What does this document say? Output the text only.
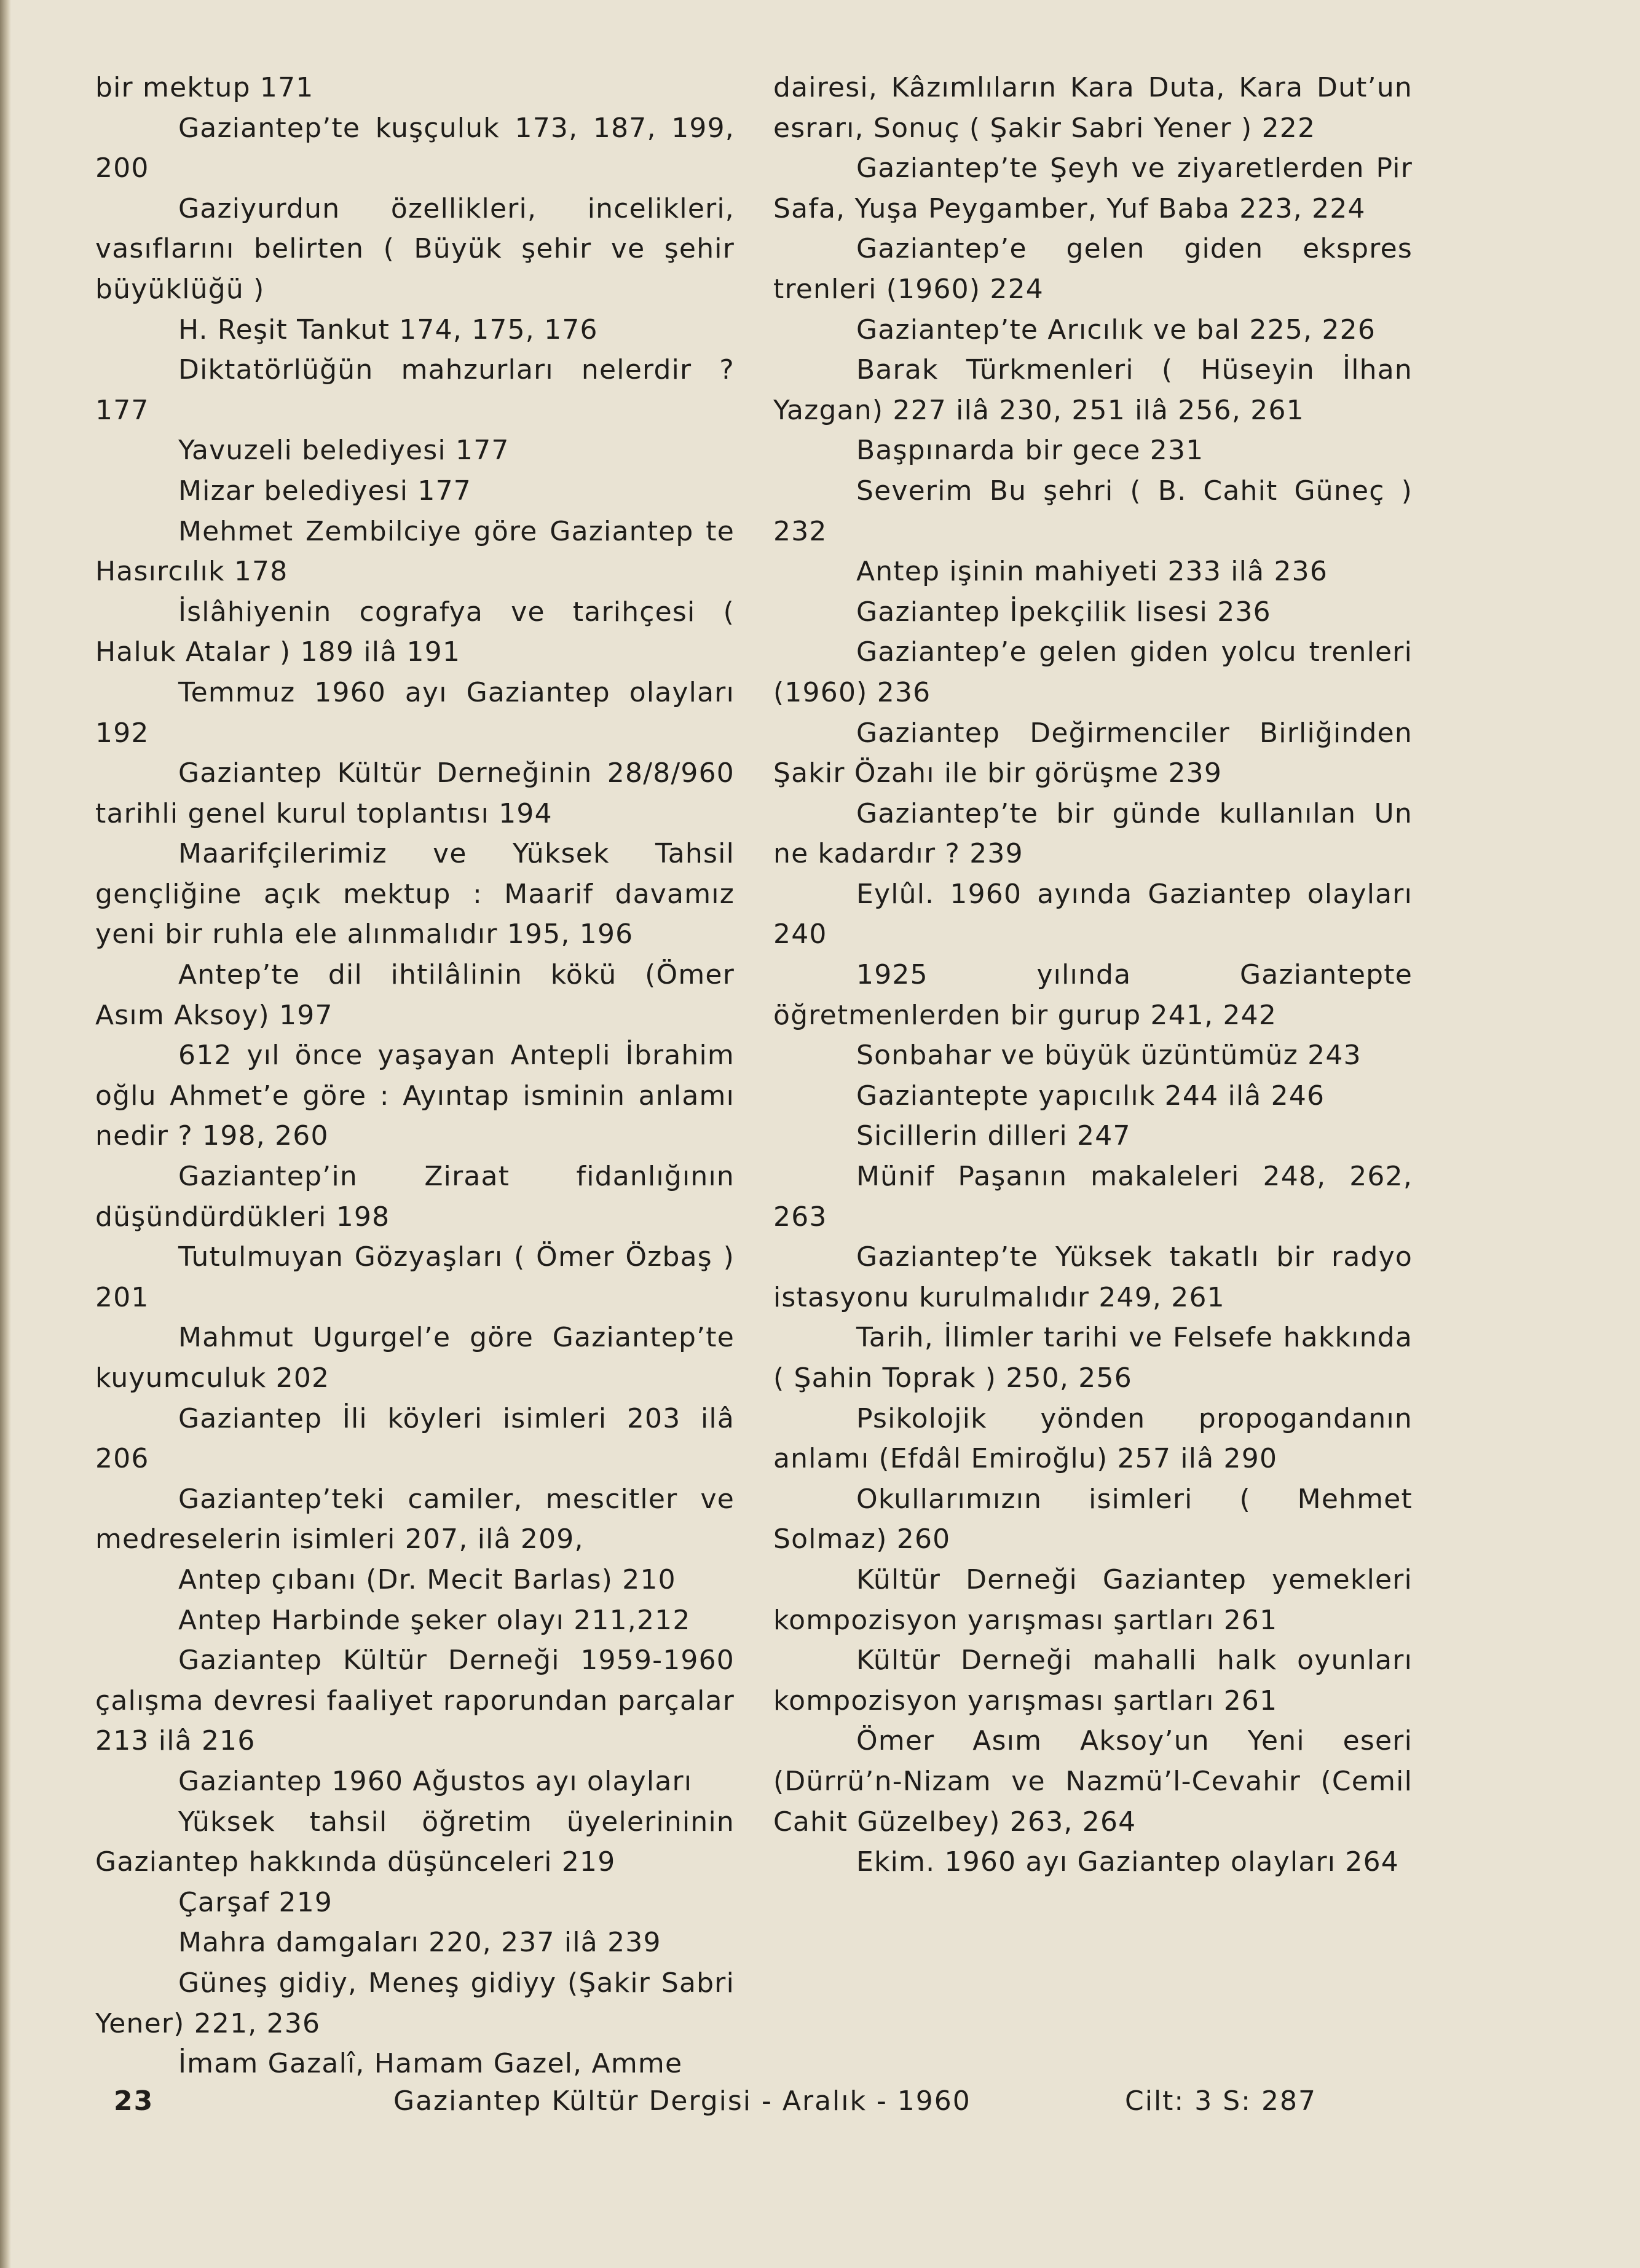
bir mektup 171

Gaziantep’te kuşçuluk 173, 187, 199, 200

Gaziyurdun özellikleri, incelikleri, vasıflarını belirten ( Büyük şehir ve şehir büyüklüğü )

H. Reşit Tankut 174, 175, 176

Diktatörlüğün mahzurları nelerdir ? 177

Yavuzeli belediyesi 177

Mizar belediyesi 177

Mehmet Zembilciye göre Gaziantep te Hasırcılık 178

İslâhiyenin cografya ve tarihçesi ( Haluk Atalar ) 189 ilâ 191

Temmuz 1960 ayı Gaziantep olayları 192

Gaziantep Kültür Derneğinin 28/8/960 tarihli genel kurul toplantısı 194

Maarifçilerimiz ve Yüksek Tahsil gençliğine açık mektup : Maarif davamız yeni bir ruhla ele alınmalıdır 195, 196

Antep’te dil ihtilâlinin kökü (Ömer Asım Aksoy) 197

612 yıl önce yaşayan Antepli İbrahim oğlu Ahmet’e göre : Ayıntap isminin anlamı nedir ? 198, 260

Gaziantep’in Ziraat fidanlığının düşündürdükleri 198

Tutulmuyan Gözyaşları ( Ömer Özbaş ) 201

Mahmut Ugurgel’e göre Gaziantep’te kuyumculuk 202

Gaziantep İli köyleri isimleri 203 ilâ 206

Gaziantep’teki camiler, mescitler ve medreselerin isimleri 207, ilâ 209,

Antep çıbanı (Dr. Mecit Barlas) 210

Antep Harbinde şeker olayı 211,212

Gaziantep Kültür Derneği 1959-1960 çalışma devresi faaliyet raporundan parçalar 213 ilâ 216

Gaziantep 1960 Ağustos ayı olayları

Yüksek tahsil öğretim üyelerininin Gaziantep hakkında düşünceleri 219

Çarşaf 219

Mahra damgaları 220, 237 ilâ 239

Güneş gidiy, Meneş gidiyy (Şakir Sabri Yener) 221, 236

İmam Gazalî, Hamam Gazel, Amme

dairesi, Kâzımlıların Kara Duta, Kara Dut’un esrarı, Sonuç ( Şakir Sabri Yener ) 222

Gaziantep’te Şeyh ve ziyaretlerden Pir Safa, Yuşa Peygamber, Yuf Baba 223, 224

Gaziantep’e gelen giden ekspres trenleri (1960) 224

Gaziantep’te Arıcılık ve bal 225, 226

Barak Türkmenleri ( Hüseyin İlhan Yazgan) 227 ilâ 230, 251 ilâ 256, 261

Başpınarda bir gece 231

Severim Bu şehri ( B. Cahit Güneç ) 232

Antep işinin mahiyeti 233 ilâ 236

Gaziantep İpekçilik lisesi 236

Gaziantep’e gelen giden yolcu trenleri (1960) 236

Gaziantep Değirmenciler Birliğinden Şakir Özahı ile bir görüşme 239

Gaziantep’te bir günde kullanılan Un ne kadardır ? 239

Eylûl. 1960 ayında Gaziantep olayları 240

1925 yılında Gaziantepte öğretmenlerden bir gurup 241, 242

Sonbahar ve büyük üzüntümüz 243

Gaziantepte yapıcılık 244 ilâ 246

Sicillerin dilleri 247

Münif Paşanın makaleleri 248, 262, 263

Gaziantep’te Yüksek takatlı bir radyo istasyonu kurulmalıdır 249, 261

Tarih, İlimler tarihi ve Felsefe hakkında ( Şahin Toprak ) 250, 256

Psikolojik yönden propogandanın anlamı (Efdâl Emiroğlu) 257 ilâ 290

Okullarımızın isimleri ( Mehmet Solmaz) 260

Kültür Derneği Gaziantep yemekleri kompozisyon yarışması şartları 261

Kültür Derneği mahalli halk oyunları kompozisyon yarışması şartları 261

Ömer Asım Aksoy’un Yeni eseri (Dürrü’n-Nizam ve Nazmü’l-Cevahir (Cemil Cahit Güzelbey) 263, 264

Ekim. 1960 ayı Gaziantep olayları 264

23	Gaziantep Kültür Dergisi - Aralık - 1960	Cilt: 3 S: 287
